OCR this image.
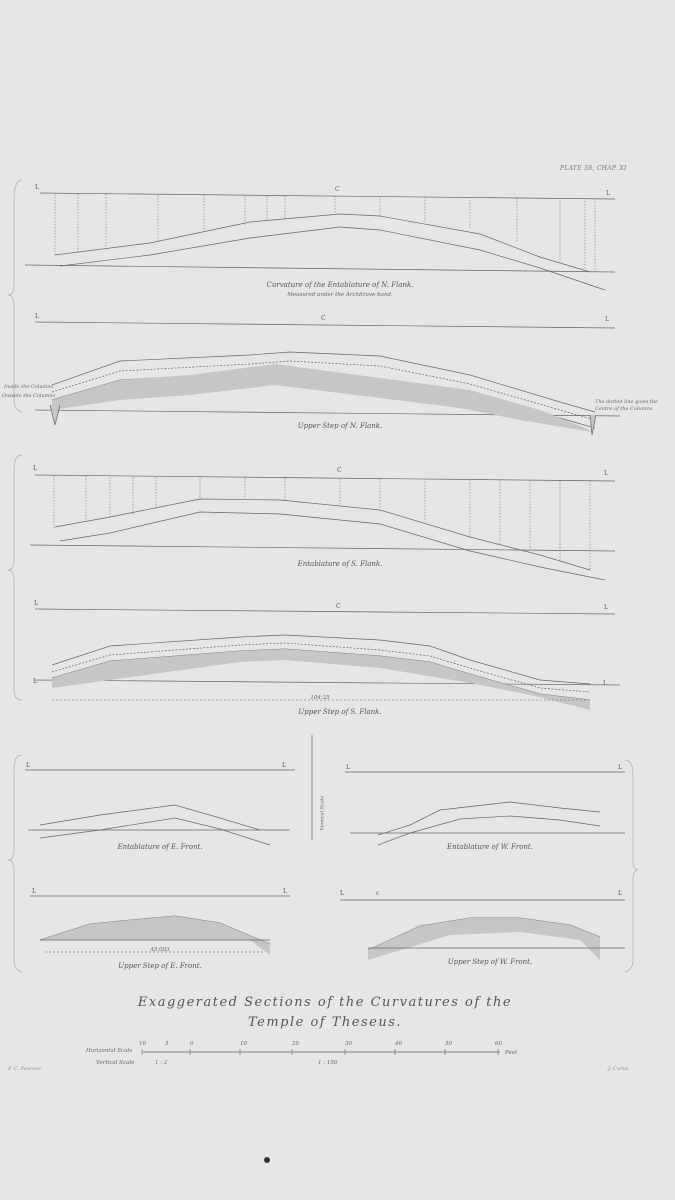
PLATE 38, CHAP. XI
Curvature of the Entablature of N. Flank.
Measured under the Architrave band.
Upper Step of N. Flank.
Inside the Columns
Outside the Columns
The dotted line gives the
Centre of the Columns
Entablature of S. Flank.
104·25
Upper Step of S. Flank.
Entablature of E. Front.	Entablature of W. Front.
45·093
Upper Step of E. Front.	Upper Step of W. Front.
Vertical Scale
Exaggerated Sections of the Curvatures of the
Temple of Theseus.
Horizontal Scale
Vertical Scale	1 : 2	1 : 150
Feet
10	5	0	10	20	30	40	50	60
F. C. Penrose	J. Curtis
L	C
L
L	C	L
L	C	L
L	C	L
L	L
L	L	L	L
L	L	L	c	L
